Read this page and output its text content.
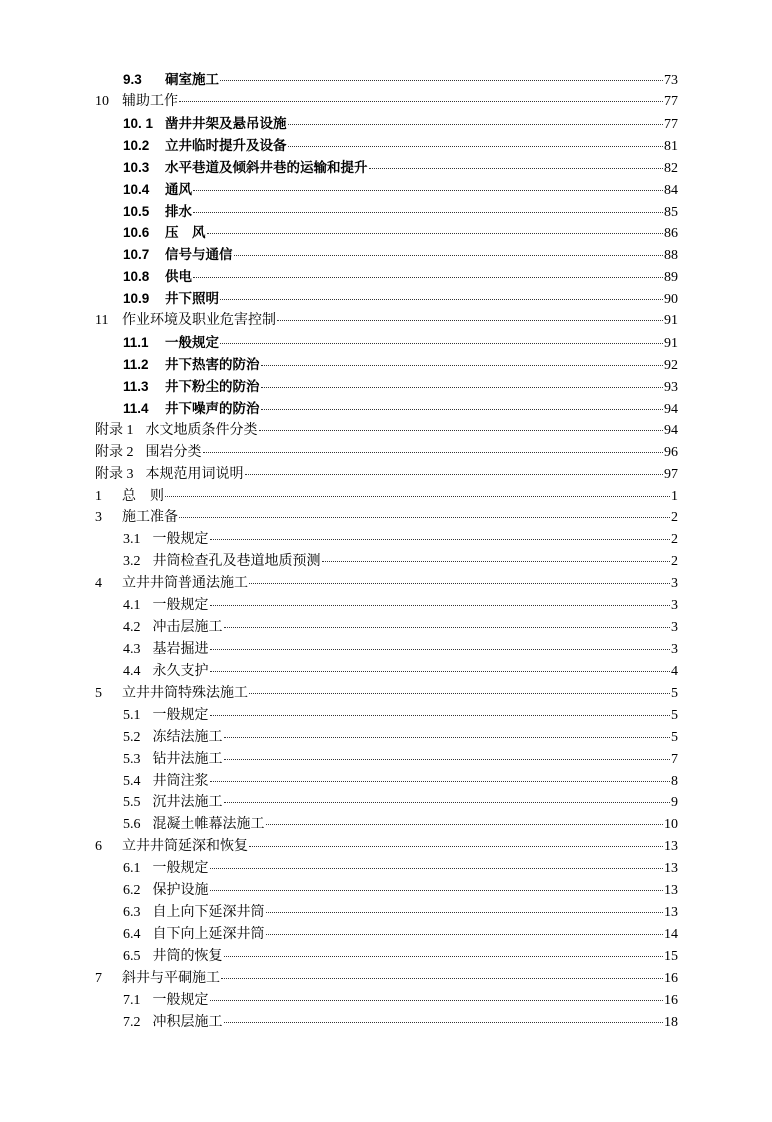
9.3	硐室施工	73
10 辅助工作	77
10. 1 凿井井架及悬吊设施	77
10.2 立井临时提升及设备	81
10.3 水平巷道及倾斜井巷的运输和提升	82
10.4 通风	84
10.5 排水	85
10.6 压　风	86
10.7 信号与通信	88
10.8 供电	89
10.9 井下照明	90
11 作业环境及职业危害控制	91
11.1	一般规定	91
11.2	井下热害的防治	92
11.3	井下粉尘的防治	93
11.4	井下噪声的防治	94
附录 1 水文地质条件分类	94
附录 2 围岩分类	96
附录 3 本规范用词说明	97
1	总　则	1
3	施工准备	2
3.1 一般规定	2
3.2 井筒检查孔及巷道地质预测	2
4	立井井筒普通法施工	3
4.1 一般规定	3
4.2 冲击层施工	3
4.3 基岩掘进	3
4.4 永久支护	4
5	立井井筒特殊法施工	5
5.1 一般规定	5
5.2 冻结法施工	5
5.3 钻井法施工	7
5.4 井筒注浆	8
5.5 沉井法施工	9
5.6 混凝土帷幕法施工	10
6	立井井筒延深和恢复	13
6.1 一般规定	13
6.2 保护设施	13
6.3 自上向下延深井筒	13
6.4 自下向上延深井筒	14
6.5 井筒的恢复	15
7	斜井与平硐施工	16
7.1 一般规定	16
7.2 冲积层施工	18
